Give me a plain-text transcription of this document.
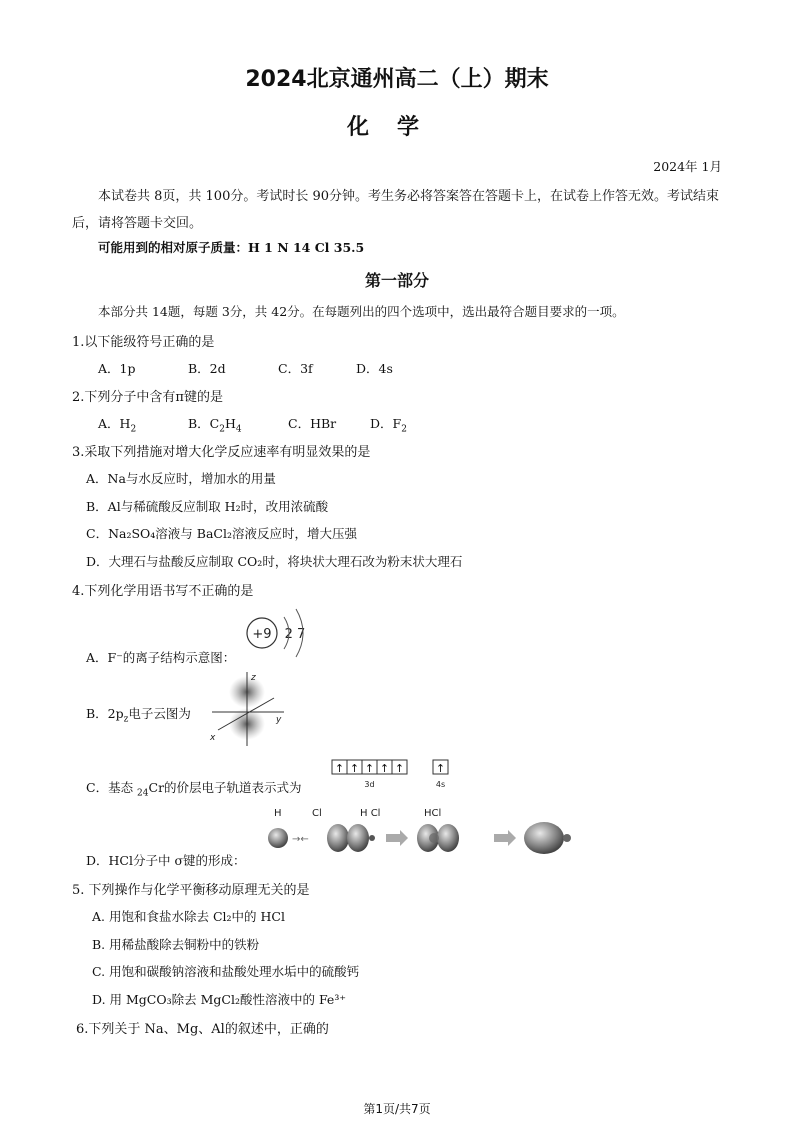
2024北京通州高二（上）期末
化学
2024年 1月
本试卷共 8页，共 100分。考试时长 90分钟。考生务必将答案答在答题卡上，在试卷上作答无效。考试结束后，请将答题卡交回。
可能用到的相对原子质量：H 1 N 14 Cl 35.5
第一部分
本部分共 14题，每题 3分，共 42分。在每题列出的四个选项中，选出最符合题目要求的一项。
1.以下能级符号正确的是
A．1p	B．2d	C．3f	D．4s
2.下列分子中含有π键的是
A．$H_2$	B．$C_2H_4$	C．HBr	D．$F_2$
3.采取下列措施对增大化学反应速率有明显效果的是
A．Na与水反应时，增加水的用量
B．Al与稀硫酸反应制取 H₂时，改用浓硫酸
C．Na₂SO₄溶液与 BaCl₂溶液反应时，增大压强
D．大理石与盐酸反应制取 CO₂时，将块状大理石改为粉末状大理石
4.下列化学用语书写不正确的是
A．F⁻的离子结构示意图：
+9 2 7
B．$2p_z$电子云图为
z
y
x
C．基态 $_{24}$Cr的价层电子轨道表示式为
↑ ↑ ↑ ↑ ↑	↑
3d	4s
D．HCl分子中 σ键的形成：
H	Cl	H Cl	HCl
→←
5. 下列操作与化学平衡移动原理无关的是
A. 用饱和食盐水除去 Cl₂中的 HCl
B. 用稀盐酸除去铜粉中的铁粉
C. 用饱和碳酸钠溶液和盐酸处理水垢中的硫酸钙
D. 用 MgCO₃除去 MgCl₂酸性溶液中的 Fe³⁺
6.下列关于 Na、Mg、Al的叙述中，正确的
第1页/共7页
